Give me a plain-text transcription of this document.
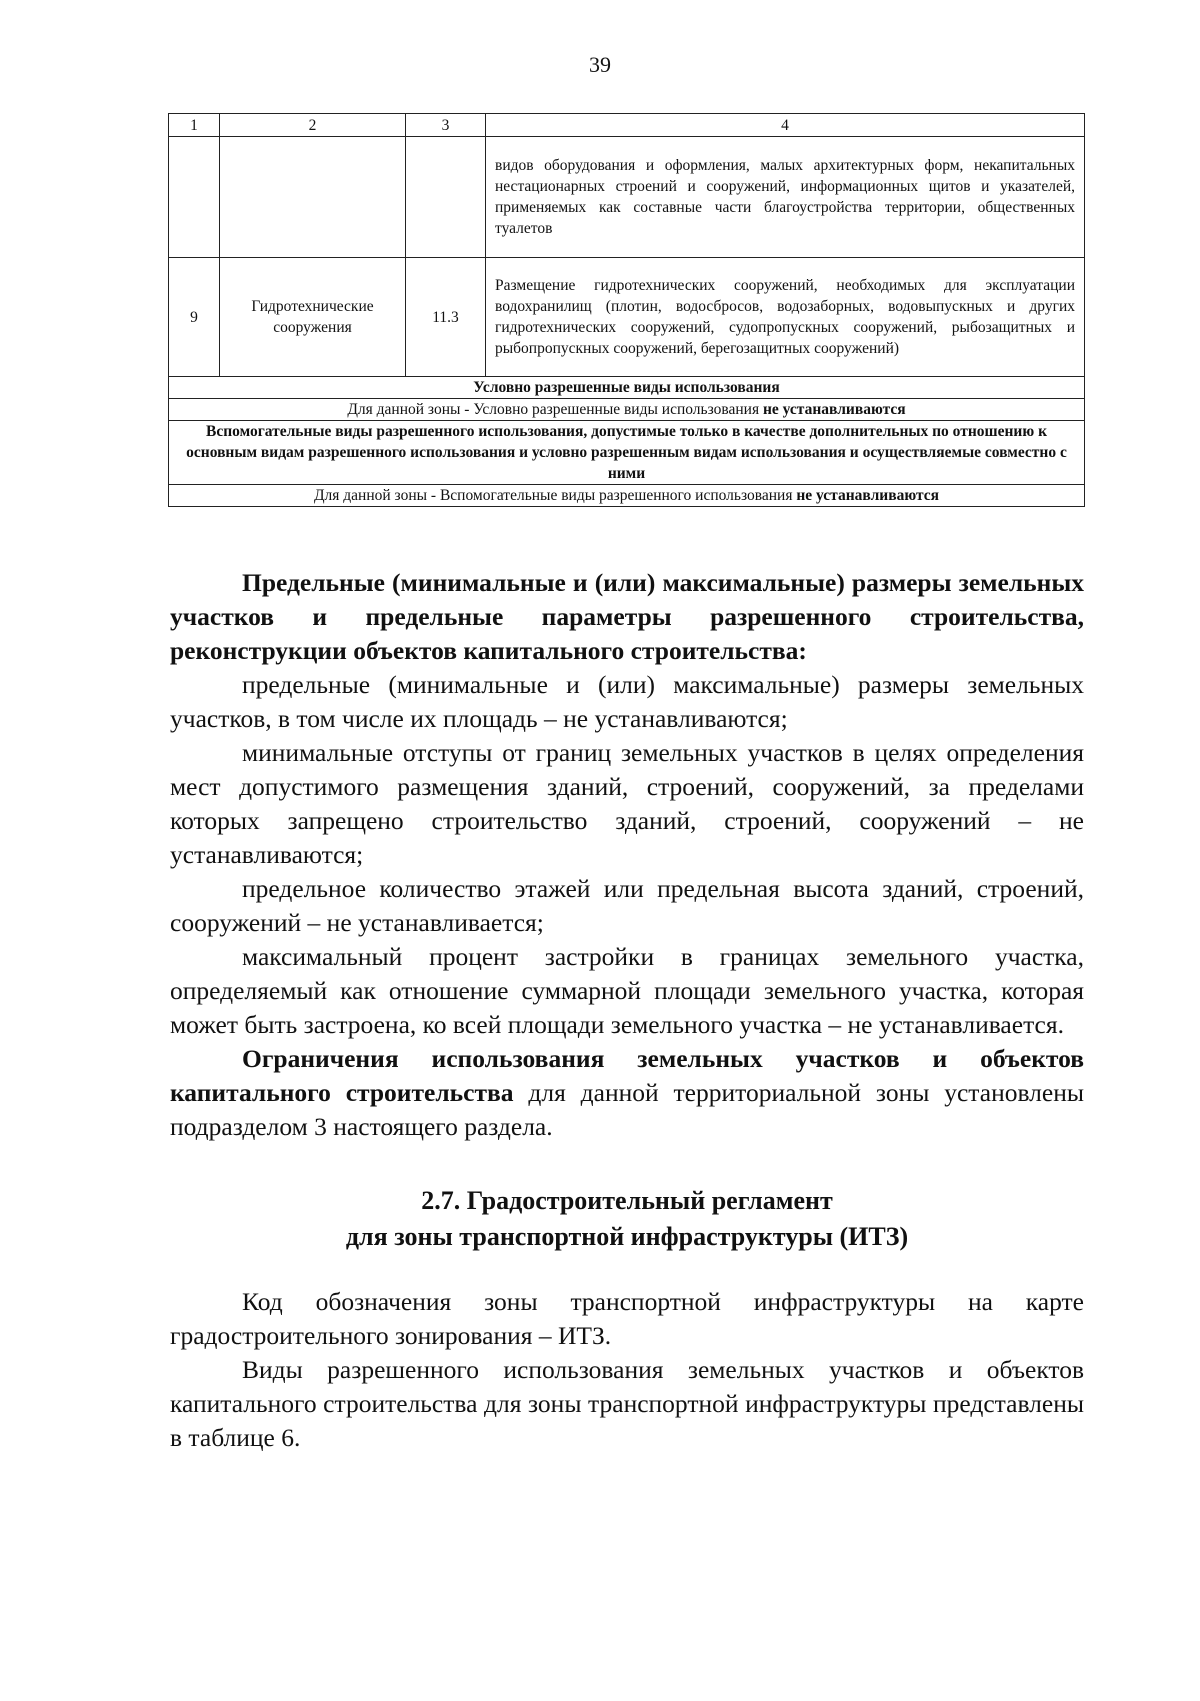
39
1	2	3	4
			видов оборудования и оформления, малых архитектурных форм, некапитальных нестационарных строений и сооружений, информационных щитов и указателей, применяемых как составные части благоустройства территории, общественных туалетов
9	Гидротехнические сооружения	11.3	Размещение гидротехнических сооружений, необходимых для эксплуатации водохранилищ (плотин, водосбросов, водозаборных, водовыпускных и других гидротехнических сооружений, судопропускных сооружений, рыбозащитных и рыбопропускных сооружений, берегозащитных сооружений)
Условно разрешенные виды использования			
Для данной зоны - Условно разрешенные виды использования не устанавливаются			
Вспомогательные виды разрешенного использования, допустимые только в качестве дополнительных по отношению к основным видам разрешенного использования и условно разрешенным видам использования и осуществляемые совместно с ними			
Для данной зоны - Вспомогательные виды разрешенного использования не устанавливаются			

Предельные (минимальные и (или) максимальные) размеры земельных участков и предельные параметры разрешенного строительства, реконструкции объектов капитального строительства:

предельные (минимальные и (или) максимальные) размеры земельных участков, в том числе их площадь – не устанавливаются;

минимальные отступы от границ земельных участков в целях определения мест допустимого размещения зданий, строений, сооружений, за пределами которых запрещено строительство зданий, строений, сооружений – не устанавливаются;

предельное количество этажей или предельная высота зданий, строений, сооружений – не устанавливается;

максимальный процент застройки в границах земельного участка, определяемый как отношение суммарной площади земельного участка, которая может быть застроена, ко всей площади земельного участка – не устанавливается.

Ограничения использования земельных участков и объектов капитального строительства для данной территориальной зоны установлены подразделом 3 настоящего раздела.

2.7. Градостроительный регламент
для зоны транспортной инфраструктуры (ИТЗ)

Код обозначения зоны транспортной инфраструктуры на карте градостроительного зонирования – ИТЗ.

Виды разрешенного использования земельных участков и объектов капитального строительства для зоны транспортной инфраструктуры представлены в таблице 6.
